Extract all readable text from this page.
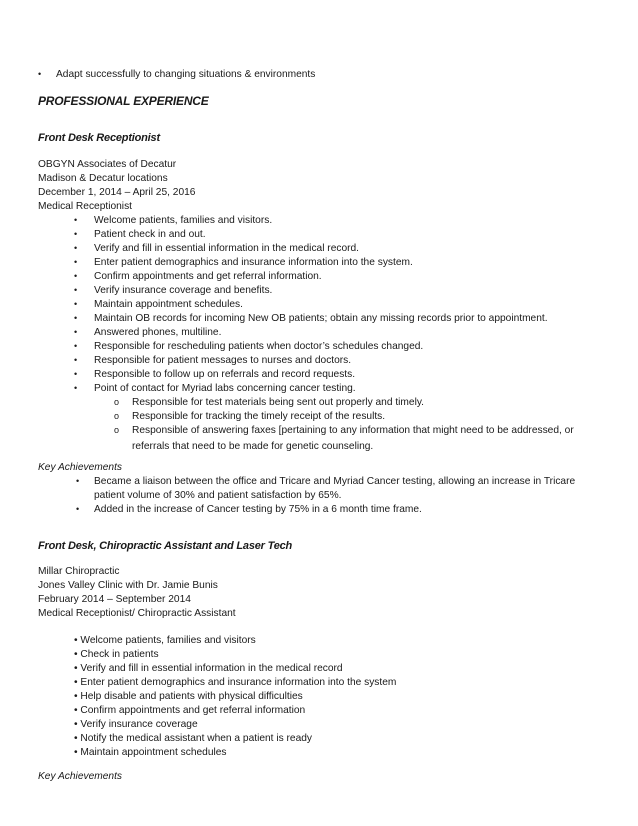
• Adapt successfully to changing situations & environments
PROFESSIONAL EXPERIENCE
Front Desk Receptionist
OBGYN Associates of Decatur
Madison & Decatur locations
December 1, 2014 – April 25, 2016
Medical Receptionist
• Welcome patients, families and visitors.
• Patient check in and out.
• Verify and fill in essential information in the medical record.
• Enter patient demographics and insurance information into the system.
• Confirm appointments and get referral information.
• Verify insurance coverage and benefits.
• Maintain appointment schedules.
• Maintain OB records for incoming New OB patients; obtain any missing records prior to appointment.
• Answered phones, multiline.
• Responsible for rescheduling patients when doctor’s schedules changed.
• Responsible for patient messages to nurses and doctors.
• Responsible to follow up on referrals and record requests.
• Point of contact for Myriad labs concerning cancer testing.
o Responsible for test materials being sent out properly and timely.
o Responsible for tracking the timely receipt of the results.
o Responsible of answering faxes [pertaining to any information that might need to be addressed, or
referrals that need to be made for genetic counseling.
Key Achievements
• Became a liaison between the office and Tricare and Myriad Cancer testing, allowing an increase in Tricare
patient volume of 30% and patient satisfaction by 65%.
• Added in the increase of Cancer testing by 75% in a 6 month time frame.
Front Desk, Chiropractic Assistant and Laser Tech
Millar Chiropractic
Jones Valley Clinic with Dr. Jamie Bunis
February 2014 – September 2014
Medical Receptionist/ Chiropractic Assistant
• Welcome patients, families and visitors
• Check in patients
• Verify and fill in essential information in the medical record
• Enter patient demographics and insurance information into the system
• Help disable and patients with physical difficulties
• Confirm appointments and get referral information
• Verify insurance coverage
• Notify the medical assistant when a patient is ready
• Maintain appointment schedules
Key Achievements
